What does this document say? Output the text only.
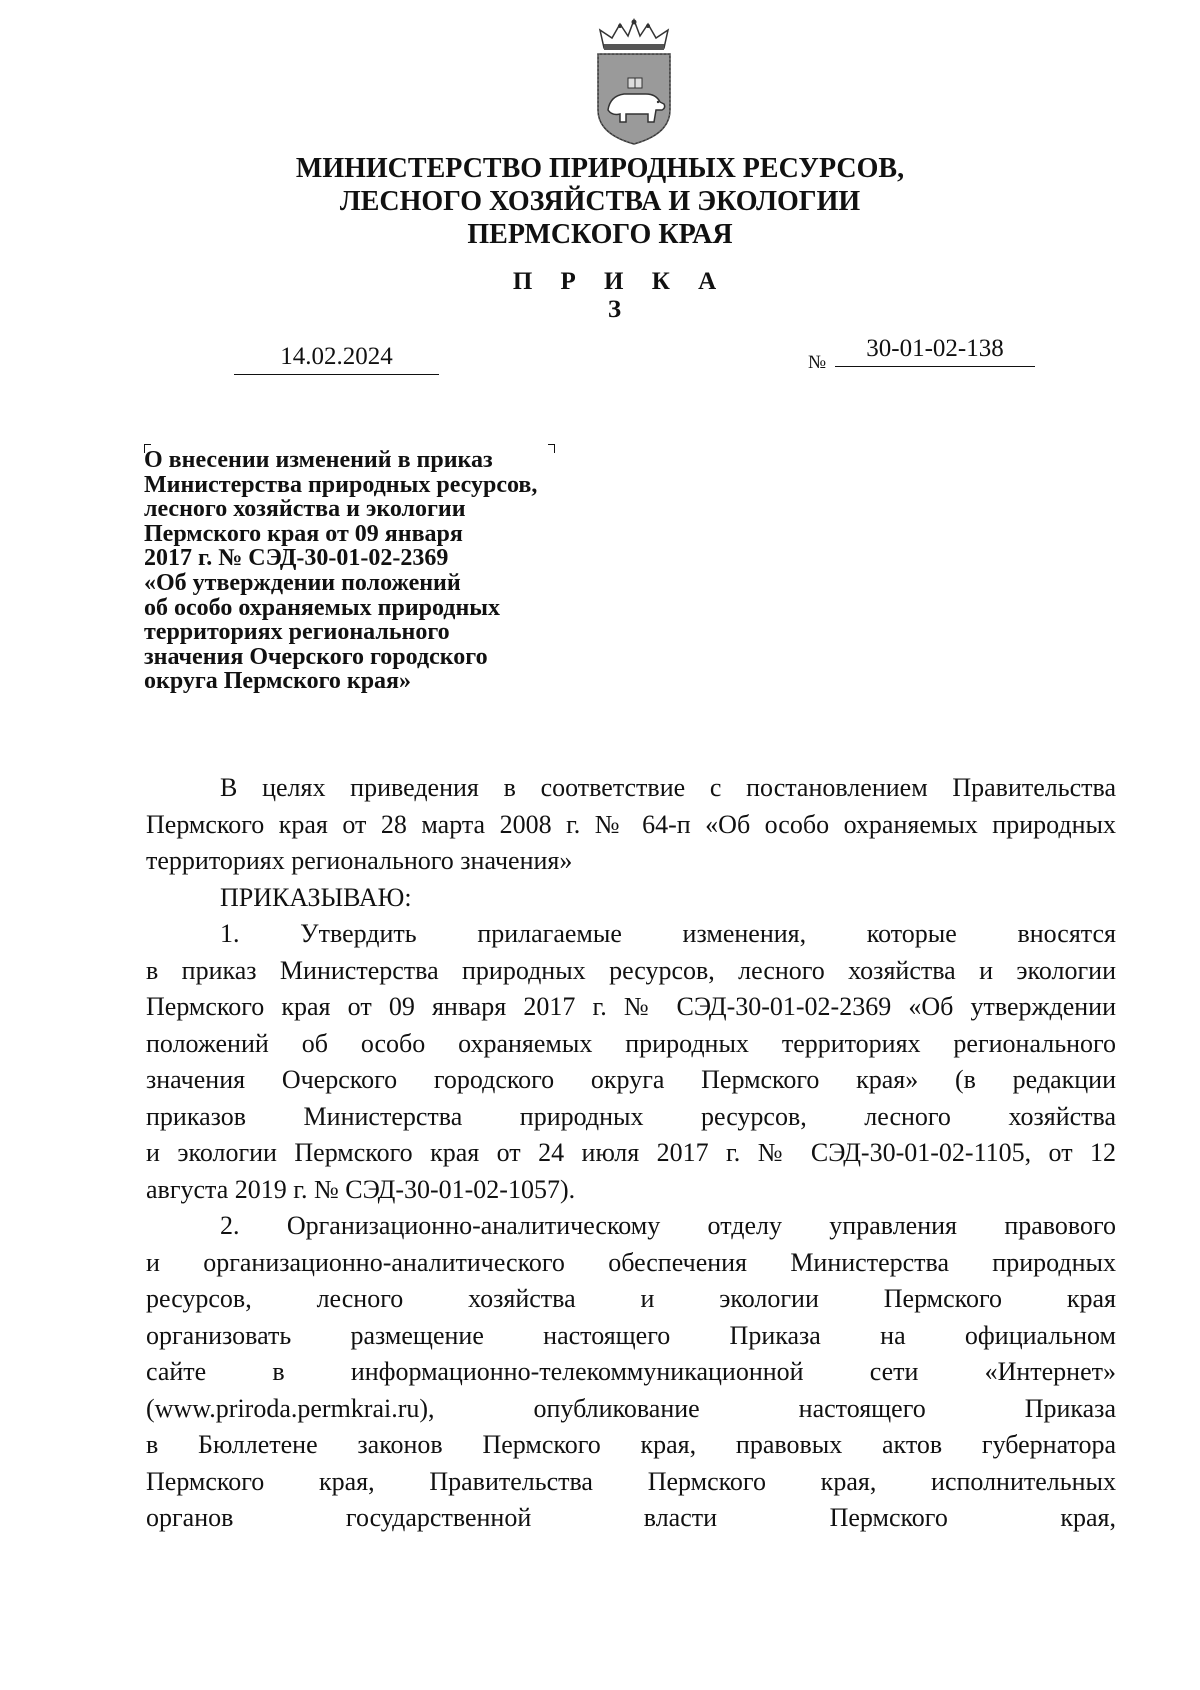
МИНИСТЕРСТВО ПРИРОДНЫХ РЕСУРСОВ,
ЛЕСНОГО ХОЗЯЙСТВА И ЭКОЛОГИИ
ПЕРМСКОГО КРАЯ
П Р И К А З
14.02.2024	№
30-01-02-138
О внесении изменений в приказ
Министерства природных ресурсов,
лесного хозяйства и экологии
Пермского края от 09 января
2017 г. № СЭД-30-01-02-2369
«Об утверждении положений
об особо охраняемых природных
территориях регионального
значения Очерского городского
округа Пермского края»
В целях приведения в соответствие с постановлением Правительства
Пермского края от 28 марта 2008 г. № 64-п «Об особо охраняемых природных
территориях регионального значения»
ПРИКАЗЫВАЮ:
1. Утвердить прилагаемые изменения, которые вносятся
в приказ Министерства природных ресурсов, лесного хозяйства и экологии
Пермского края от 09 января 2017 г. № СЭД-30-01-02-2369 «Об утверждении
положений об особо охраняемых природных территориях регионального
значения Очерского городского округа Пермского края» (в редакции
приказов Министерства природных ресурсов, лесного хозяйства
и экологии Пермского края от 24 июля 2017 г. № СЭД-30-01-02-1105, от 12
августа 2019 г. № СЭД-30-01-02-1057).
2. Организационно-аналитическому отделу управления правового
и организационно-аналитического обеспечения Министерства природных
ресурсов, лесного хозяйства и экологии Пермского края
организовать размещение настоящего Приказа на официальном
сайте в информационно-телекоммуникационной сети «Интернет»
(www.priroda.permkrai.ru), опубликование настоящего Приказа
в Бюллетене законов Пермского края, правовых актов губернатора
Пермского края, Правительства Пермского края, исполнительных
органов государственной власти Пермского края,
